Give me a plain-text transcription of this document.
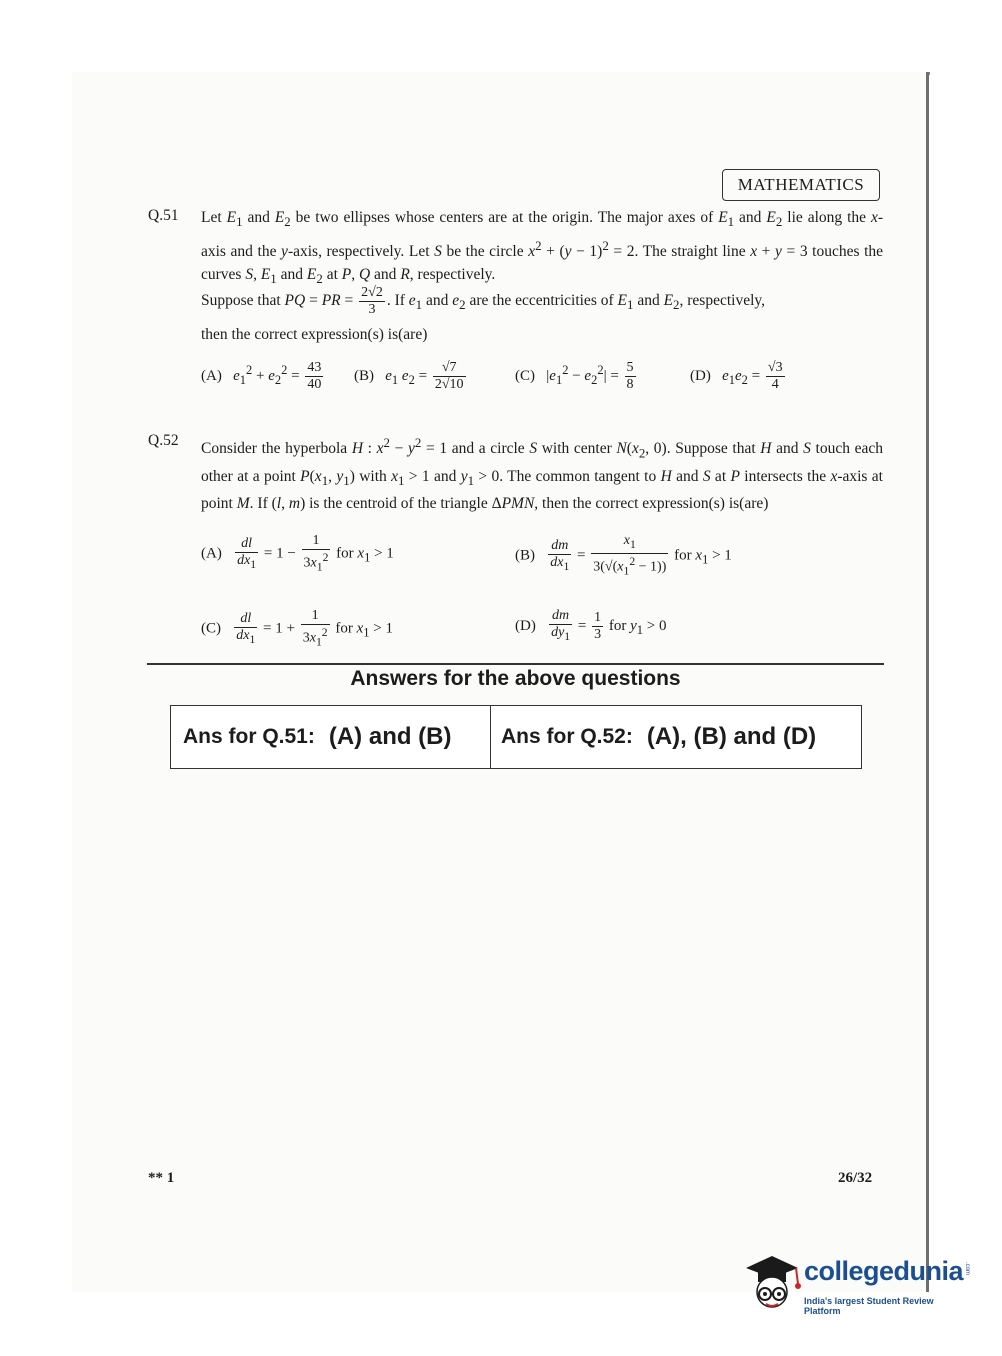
MATHEMATICS
Q.51 Let $E_1$ and $E_2$ be two ellipses whose centers are at the origin. The major axes of $E_1$ and $E_2$ lie along the x-axis and the y-axis, respectively. Let S be the circle $x^2 + (y - 1)^2 = 2$. The straight line x + y = 3 touches the curves S, $E_1$ and $E_2$ at P, Q and R, respectively.
Suppose that PQ = PR = $\frac{2√2}{3}$ . If $e_1$ and $e_2$ are the eccentricities of $E_1$ and $E_2$, respectively,
then the correct expression(s) is(are)
(A) $e_1^2 + e_2^2 = \frac{43}{40} (B)$ $e_1$ $e_2 = \frac{√7}{2√10}$	(C)   $|e_1^2 - e_2^2| = \frac{5}{8}$	(D) $e_1e_2 = \frac{√3}{4}$
Q.52 Consider the hyperbola H : $x^2 - y^2 = 1$ and a circle S with center $N(x_2$, 0). Suppose that H and S touch each other at a point $P(x_1$, $y_1$) with $x_1 > 1$ and $y_1 > 0$. The common tangent to H and S at P intersects the x-axis at point M. If (l, m) is the centroid of the triangle ΔPMN, then the correct expression(s) is(are)
$(A) \frac{dl}{dx_1} = 1 - \frac{1}{3x_1^2}$ for $x_1 > 1$	$(B) \frac{dm}{dx_1} = \frac{x_1}{3(√(x_1^2 - 1))}$ for $x_1 > 1$
$(C) \frac{dl}{dx_1} = 1 + \frac{1}{3x_1^2}$ for $x_1 > 1$	$(D) \frac{dm}{dy_1} = \frac{1}{3}$ for $y_1 > 0$
Answers for the above questions
Ans for Q.51: (A) and (B) Ans for Q.52: (A), (B) and (D)
** 1	26/32
collegedunia .com
India's largest Student Review Platform
